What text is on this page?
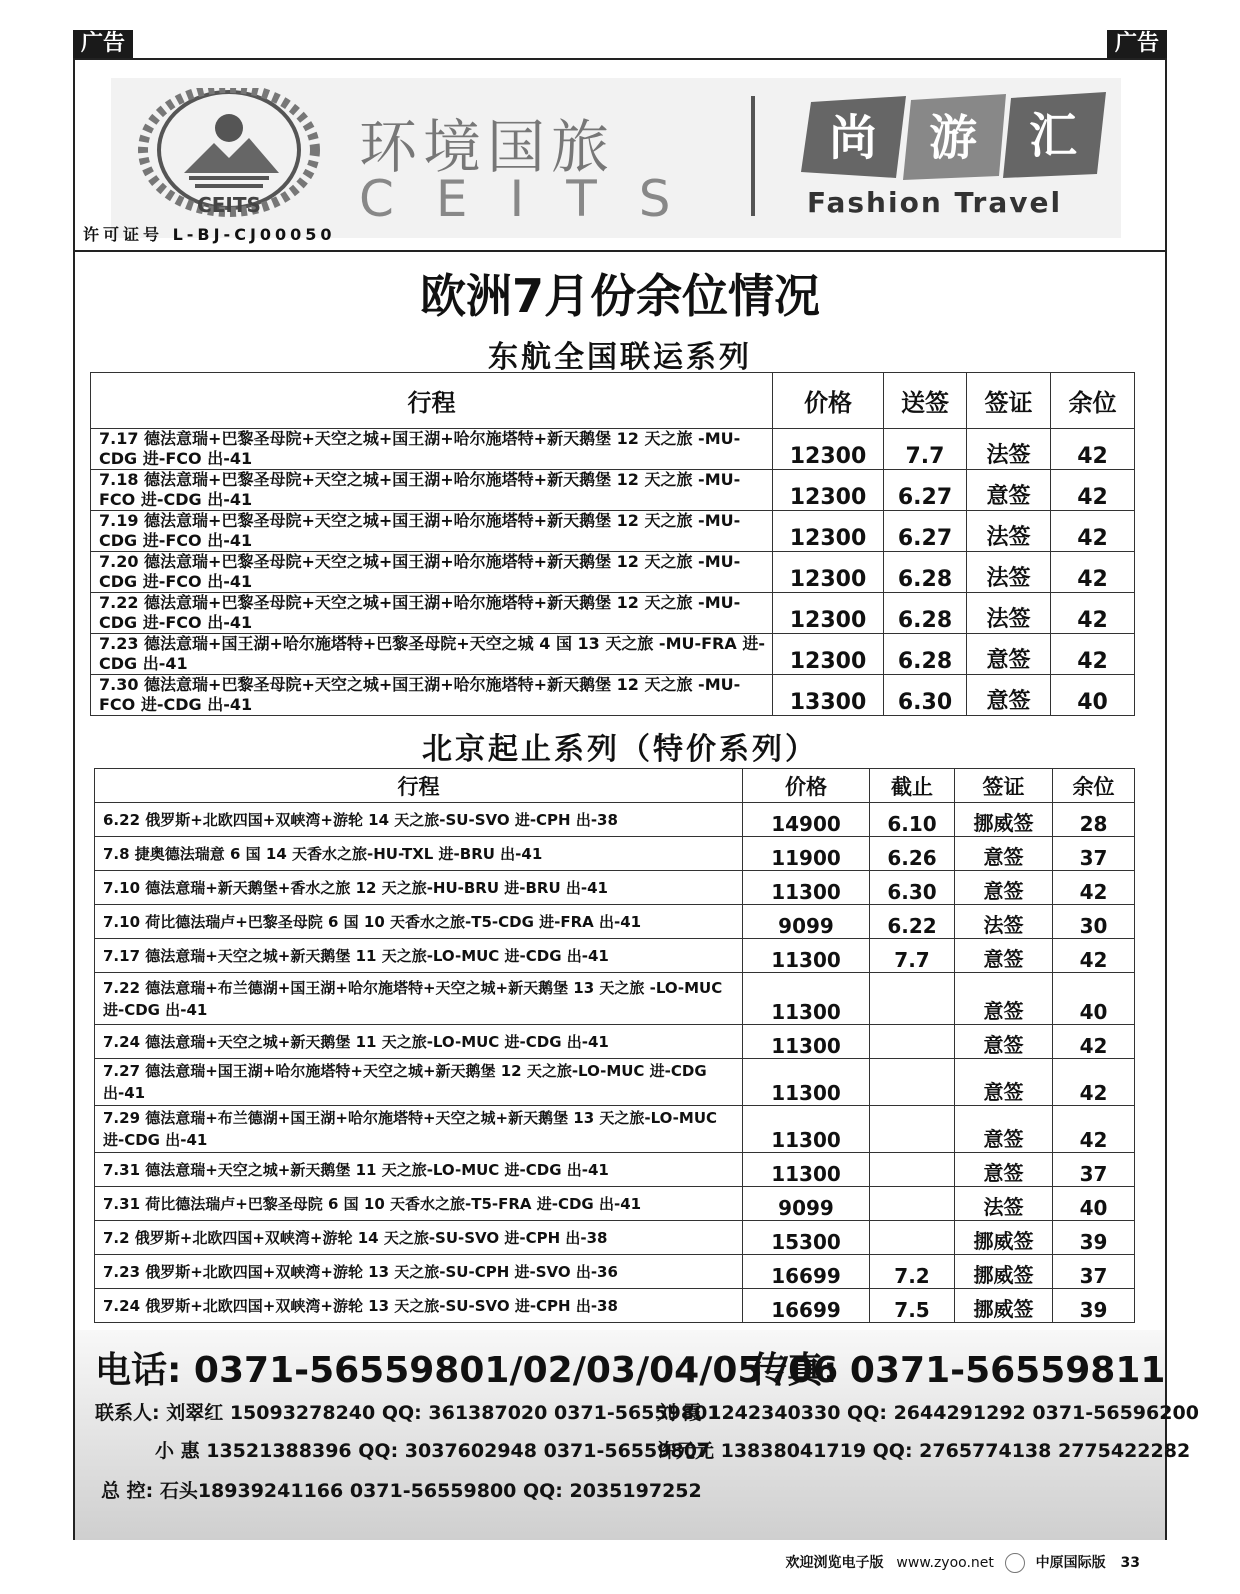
广告	广告
CEITS
环境国旅
CEITS
尚 游 汇
Fashion Travel
许可证号 L-BJ-CJ00050
欧洲7月份余位情况
东航全国联运系列
行程	价格	送签	签证	余位
7.17 德法意瑞+巴黎圣母院+天空之城+国王湖+哈尔施塔特+新天鹅堡 12 天之旅 -MU-CDG 进-FCO 出-41	12300	7.7	法签	42
7.18 德法意瑞+巴黎圣母院+天空之城+国王湖+哈尔施塔特+新天鹅堡 12 天之旅 -MU-FCO 进-CDG 出-41	12300	6.27	意签	42
7.19 德法意瑞+巴黎圣母院+天空之城+国王湖+哈尔施塔特+新天鹅堡 12 天之旅 -MU-CDG 进-FCO 出-41	12300	6.27	法签	42
7.20 德法意瑞+巴黎圣母院+天空之城+国王湖+哈尔施塔特+新天鹅堡 12 天之旅 -MU-CDG 进-FCO 出-41	12300	6.28	法签	42
7.22 德法意瑞+巴黎圣母院+天空之城+国王湖+哈尔施塔特+新天鹅堡 12 天之旅 -MU-CDG 进-FCO 出-41	12300	6.28	法签	42
7.23 德法意瑞+国王湖+哈尔施塔特+巴黎圣母院+天空之城 4 国 13 天之旅 -MU-FRA 进-CDG 出-41	12300	6.28	意签	42
7.30 德法意瑞+巴黎圣母院+天空之城+国王湖+哈尔施塔特+新天鹅堡 12 天之旅 -MU-FCO 进-CDG 出-41	13300	6.30	意签	40
北京起止系列（特价系列）
行程	价格	截止	签证	余位
6.22 俄罗斯+北欧四国+双峡湾+游轮 14 天之旅-SU-SVO 进-CPH 出-38	14900	6.10	挪威签	28
7.8 捷奥德法瑞意 6 国 14 天香水之旅-HU-TXL 进-BRU 出-41	11900	6.26	意签	37
7.10 德法意瑞+新天鹅堡+香水之旅 12 天之旅-HU-BRU 进-BRU 出-41	11300	6.30	意签	42
7.10 荷比德法瑞卢+巴黎圣母院 6 国 10 天香水之旅-T5-CDG 进-FRA 出-41	9099	6.22	法签	30
7.17 德法意瑞+天空之城+新天鹅堡 11 天之旅-LO-MUC 进-CDG 出-41	11300	7.7	意签	42
7.22 德法意瑞+布兰德湖+国王湖+哈尔施塔特+天空之城+新天鹅堡 13 天之旅 -LO-MUC 进-CDG 出-41	11300		意签	40
7.24 德法意瑞+天空之城+新天鹅堡 11 天之旅-LO-MUC 进-CDG 出-41	11300		意签	42
7.27 德法意瑞+国王湖+哈尔施塔特+天空之城+新天鹅堡 12 天之旅-LO-MUC 进-CDG 出-41	11300		意签	42
7.29 德法意瑞+布兰德湖+国王湖+哈尔施塔特+天空之城+新天鹅堡 13 天之旅-LO-MUC 进-CDG 出-41	11300		意签	42
7.31 德法意瑞+天空之城+新天鹅堡 11 天之旅-LO-MUC 进-CDG 出-41	11300		意签	37
7.31 荷比德法瑞卢+巴黎圣母院 6 国 10 天香水之旅-T5-FRA 进-CDG 出-41	9099		法签	40
7.2 俄罗斯+北欧四国+双峡湾+游轮 14 天之旅-SU-SVO 进-CPH 出-38	15300		挪威签	39
7.23 俄罗斯+北欧四国+双峡湾+游轮 13 天之旅-SU-CPH 进-SVO 出-36	16699	7.2	挪威签	37
7.24 俄罗斯+北欧四国+双峡湾+游轮 13 天之旅-SU-SVO 进-CPH 出-38	16699	7.5	挪威签	39
电话: 0371-56559801/02/03/04/05 /06
传真: 0371-56559811
联系人: 刘翠红 15093278240 QQ: 361387020 0371-56559801
刘 霞 1242340330 QQ: 2644291292 0371-56596200
小 惠 13521388396 QQ: 3037602948 0371-56559807
许元元 13838041719 QQ: 2765774138 2775422282
总 控: 石头18939241166 0371-56559800 QQ: 2035197252
欢迎浏览电子版 www.zyoo.net	中原国际版 33
